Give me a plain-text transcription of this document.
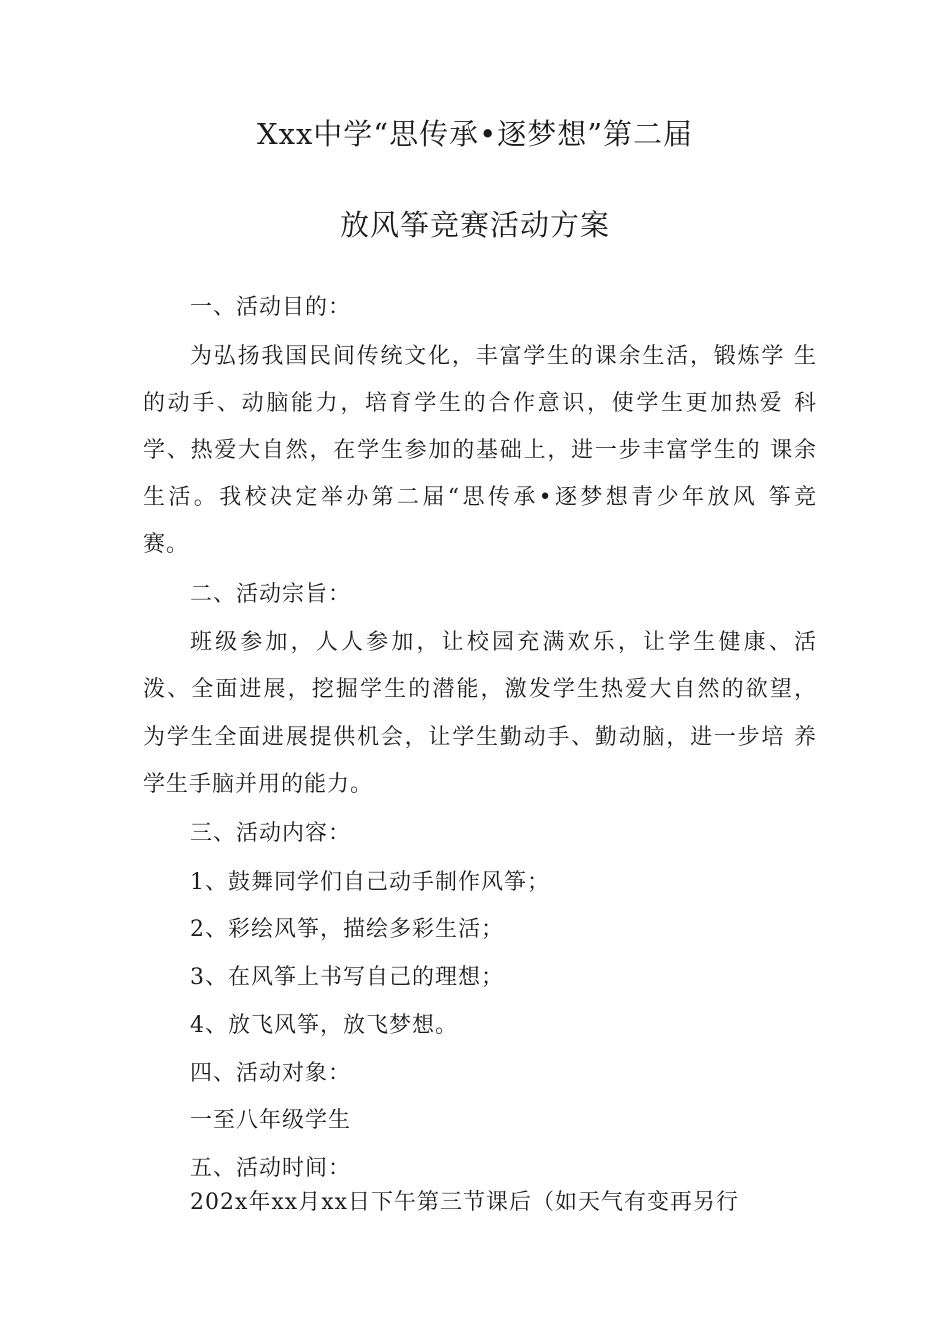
Xxx中学“思传承•逐梦想”第二届
放风筝竞赛活动方案
一、活动目的：
为弘扬我国民间传统文化，丰富学生的课余生活，锻炼学 生
的动手、动脑能力，培育学生的合作意识，使学生更加热爱 科
学、热爱大自然，在学生参加的基础上，进一步丰富学生的 课余
生活。我校决定举办第二届“思传承•逐梦想青少年放风 筝竞
赛。
二、活动宗旨：
班级参加，人人参加，让校园充满欢乐，让学生健康、活
泼、全面进展，挖掘学生的潜能，激发学生热爱大自然的欲望，
为学生全面进展提供机会，让学生勤动手、勤动脑，进一步培 养
学生手脑并用的能力。
三、活动内容：
1、鼓舞同学们自己动手制作风筝；
2、彩绘风筝，描绘多彩生活；
3、在风筝上书写自己的理想；
4、放飞风筝，放飞梦想。
四、活动对象：
一至八年级学生
五、活动时间：
202x年xx月xx日下午第三节课后（如天气有变再另行
